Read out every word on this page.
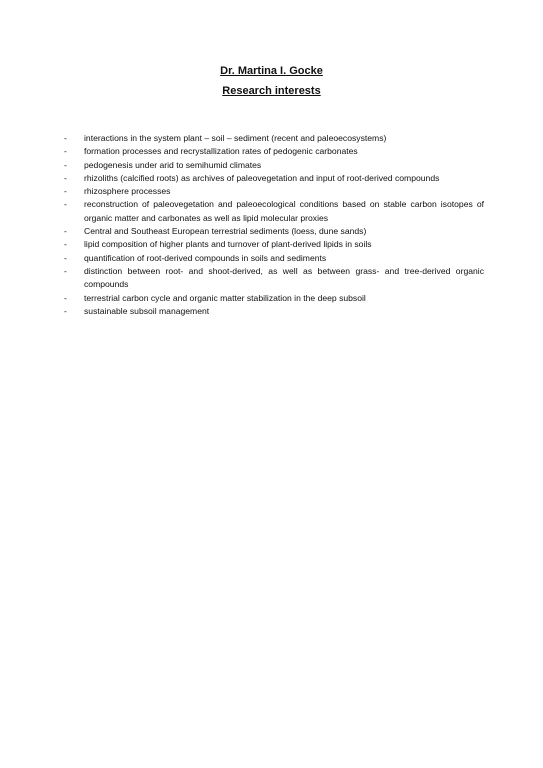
Dr. Martina I. Gocke
Research interests
- interactions in the system plant – soil – sediment (recent and paleoecosystems)
- formation processes and recrystallization rates of pedogenic carbonates
- pedogenesis under arid to semihumid climates
- rhizoliths (calcified roots) as archives of paleovegetation and input of root-derived compounds
- rhizosphere processes
- reconstruction of paleovegetation and paleoecological conditions based on stable carbon isotopes of organic matter and carbonates as well as lipid molecular proxies
- Central and Southeast European terrestrial sediments (loess, dune sands)
- lipid composition of higher plants and turnover of plant-derived lipids in soils
- quantification of root-derived compounds in soils and sediments
- distinction between root- and shoot-derived, as well as between grass- and tree-derived organic compounds
- terrestrial carbon cycle and organic matter stabilization in the deep subsoil
- sustainable subsoil management
